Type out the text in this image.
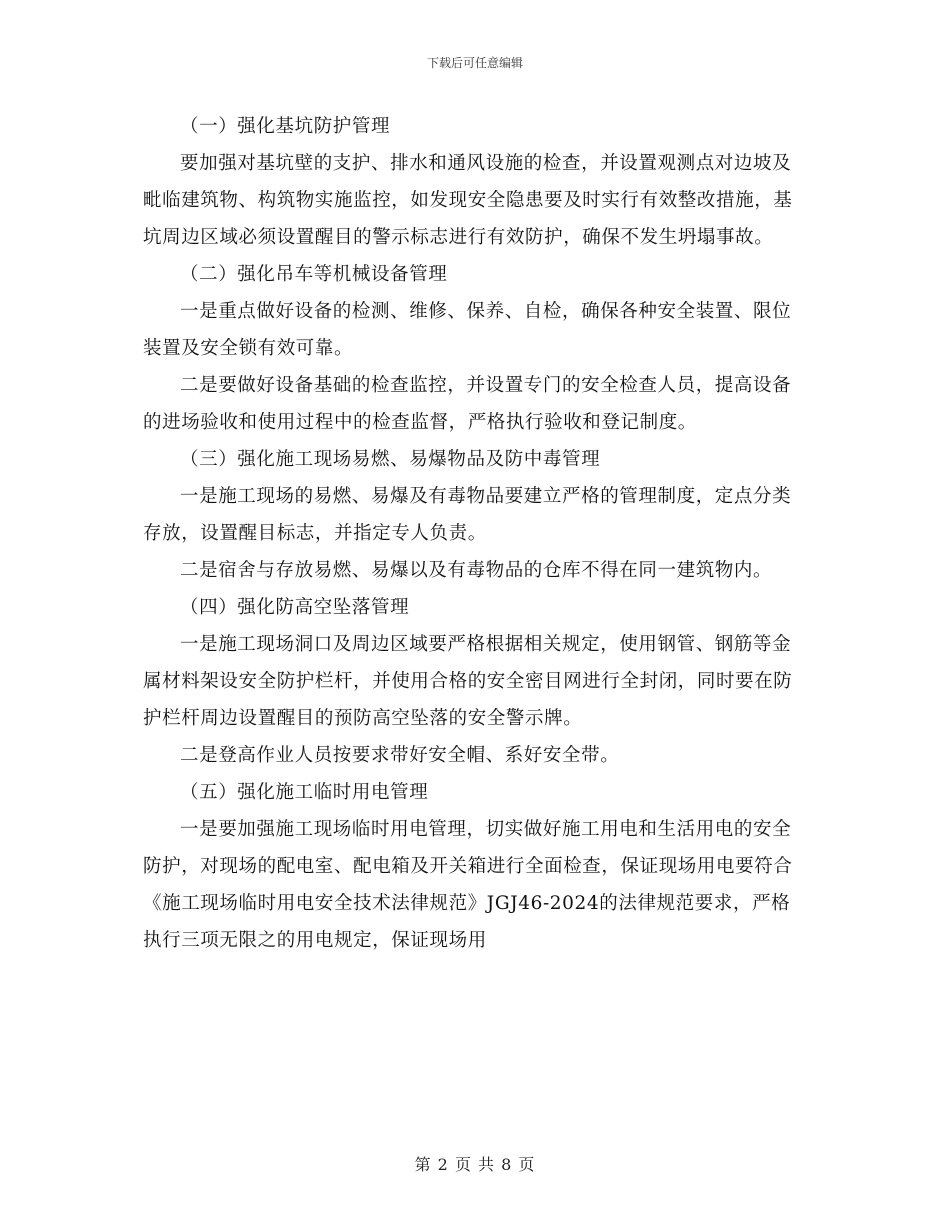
下载后可任意编辑

（一）强化基坑防护管理

要加强对基坑壁的支护、排水和通风设施的检查，并设置观测点对边坡及毗临建筑物、构筑物实施监控，如发现安全隐患要及时实行有效整改措施，基坑周边区域必须设置醒目的警示标志进行有效防护，确保不发生坍塌事故。

（二）强化吊车等机械设备管理

一是重点做好设备的检测、维修、保养、自检，确保各种安全装置、限位装置及安全锁有效可靠。

二是要做好设备基础的检查监控，并设置专门的安全检查人员，提高设备的进场验收和使用过程中的检查监督，严格执行验收和登记制度。

（三）强化施工现场易燃、易爆物品及防中毒管理

一是施工现场的易燃、易爆及有毒物品要建立严格的管理制度，定点分类存放，设置醒目标志，并指定专人负责。

二是宿舍与存放易燃、易爆以及有毒物品的仓库不得在同一建筑物内。

（四）强化防高空坠落管理

一是施工现场洞口及周边区域要严格根据相关规定，使用钢管、钢筋等金属材料架设安全防护栏杆，并使用合格的安全密目网进行全封闭，同时要在防护栏杆周边设置醒目的预防高空坠落的安全警示牌。

二是登高作业人员按要求带好安全帽、系好安全带。

（五）强化施工临时用电管理

一是要加强施工现场临时用电管理，切实做好施工用电和生活用电的安全防护，对现场的配电室、配电箱及开关箱进行全面检查，保证现场用电要符合《施工现场临时用电安全技术法律规范》JGJ46-2024的法律规范要求，严格执行三项无限之的用电规定，保证现场用

第 2 页 共 8 页
